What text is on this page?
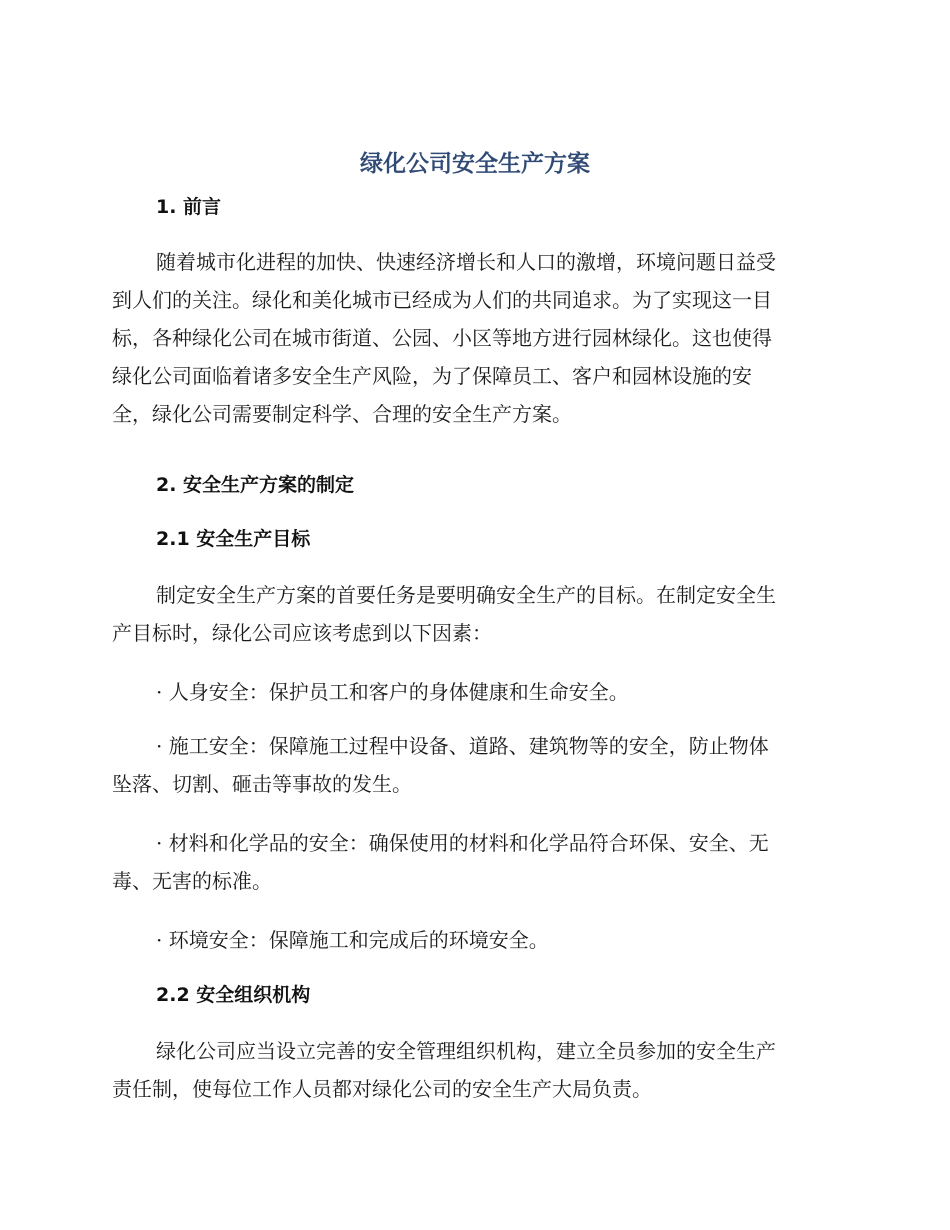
绿化公司安全生产方案
1. 前言
随着城市化进程的加快、快速经济增长和人口的激增，环境问题日益受
到人们的关注。绿化和美化城市已经成为人们的共同追求。为了实现这一目
标，各种绿化公司在城市街道、公园、小区等地方进行园林绿化。这也使得
绿化公司面临着诸多安全生产风险，为了保障员工、客户和园林设施的安
全，绿化公司需要制定科学、合理的安全生产方案。
2. 安全生产方案的制定
2.1 安全生产目标
制定安全生产方案的首要任务是要明确安全生产的目标。在制定安全生
产目标时，绿化公司应该考虑到以下因素：
· 人身安全：保护员工和客户的身体健康和生命安全。
· 施工安全：保障施工过程中设备、道路、建筑物等的安全，防止物体
坠落、切割、砸击等事故的发生。
· 材料和化学品的安全：确保使用的材料和化学品符合环保、安全、无
毒、无害的标准。
· 环境安全：保障施工和完成后的环境安全。
2.2 安全组织机构
绿化公司应当设立完善的安全管理组织机构，建立全员参加的安全生产
责任制，使每位工作人员都对绿化公司的安全生产大局负责。
